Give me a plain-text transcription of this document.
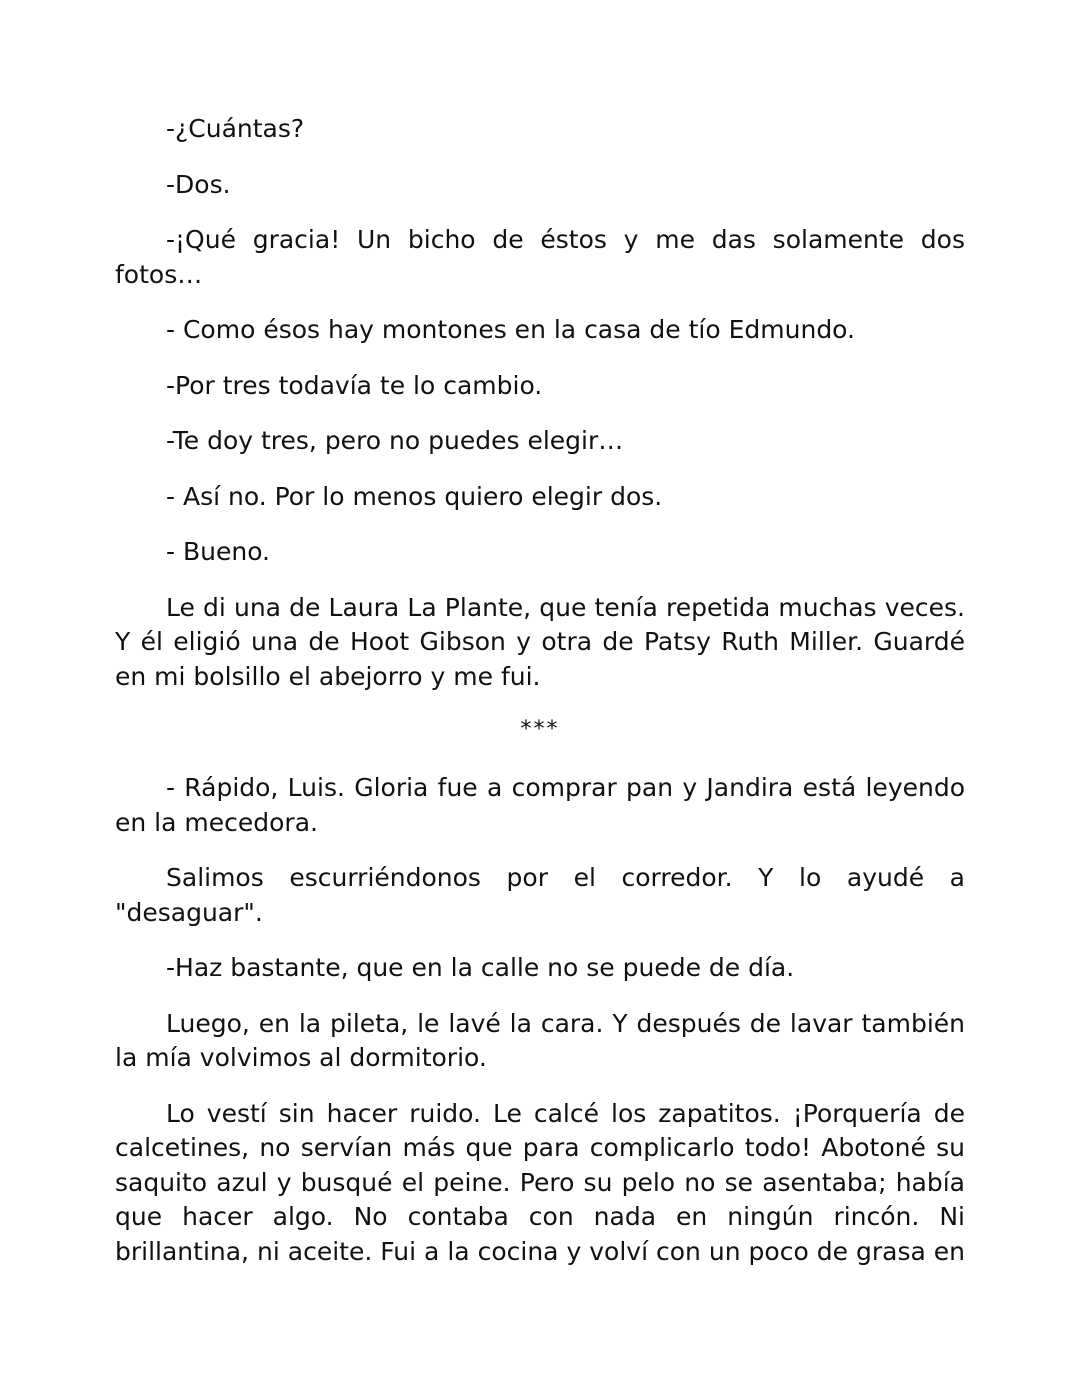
-¿Cuántas?

-Dos.

-¡Qué gracia! Un bicho de éstos y me das solamente dos fotos…

- Como ésos hay montones en la casa de tío Edmundo.

-Por tres todavía te lo cambio.

-Te doy tres, pero no puedes elegir…

- Así no. Por lo menos quiero elegir dos.

- Bueno.

Le di una de Laura La Plante, que tenía repetida muchas veces. Y él eligió una de Hoot Gibson y otra de Patsy Ruth Miller. Guardé en mi bolsillo el abejorro y me fui.

***

- Rápido, Luis. Gloria fue a comprar pan y Jandira está leyendo en la mecedora.

Salimos escurriéndonos por el corredor. Y lo ayudé a "desaguar".

-Haz bastante, que en la calle no se puede de día.

Luego, en la pileta, le lavé la cara. Y después de lavar también la mía volvimos al dormitorio.

Lo vestí sin hacer ruido. Le calcé los zapatitos. ¡Porquería de calcetines, no servían más que para complicarlo todo! Abotoné su saquito azul y busqué el peine. Pero su pelo no se asentaba; había que hacer algo. No contaba con nada en ningún rincón. Ni brillantina, ni aceite. Fui a la cocina y volví con un poco de grasa en
